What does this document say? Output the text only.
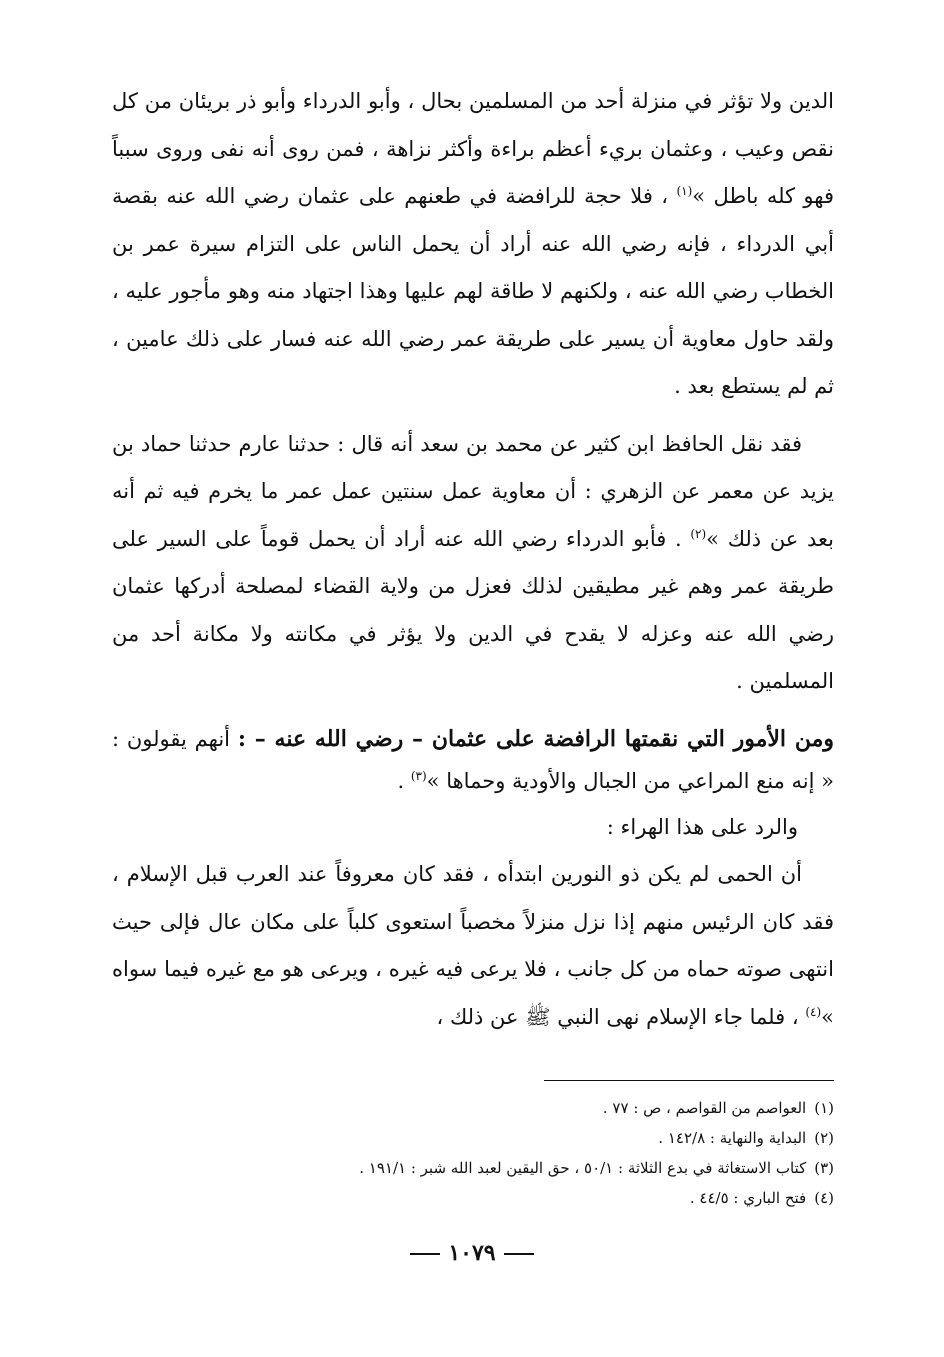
الدين ولا تؤثر في منزلة أحد من المسلمين بحال ، وأبو الدرداء وأبو ذر بريئان من كل نقص وعيب ، وعثمان بريء أعظم براءة وأكثر نزاهة ، فمن روى أنه نفى وروى سبباً فهو كله باطل »$^{(١)}$ ، فلا حجة للرافضة في طعنهم على عثمان رضي الله عنه بقصة أبي الدرداء ، فإنه رضي الله عنه أراد أن يحمل الناس على التزام سيرة عمر بن الخطاب رضي الله عنه ، ولكنهم لا طاقة لهم عليها وهذا اجتهاد منه وهو مأجور عليه ، ولقد حاول معاوية أن يسير على طريقة عمر رضي الله عنه فسار على ذلك عامين ، ثم لم يستطع بعد .

فقد نقل الحافظ ابن كثير عن محمد بن سعد أنه قال : حدثنا عارم حدثنا حماد بن يزيد عن معمر عن الزهري : أن معاوية عمل سنتين عمل عمر ما يخرم فيه ثم أنه بعد عن ذلك »$^{(٢)}$ . فأبو الدرداء رضي الله عنه أراد أن يحمل قوماً على السير على طريقة عمر وهم غير مطيقين لذلك فعزل من ولاية القضاء لمصلحة أدركها عثمان رضي الله عنه وعزله لا يقدح في الدين ولا يؤثر في مكانته ولا مكانة أحد من المسلمين .

ومن الأمور التي نقمتها الرافضة على عثمان – رضي الله عنه – : أنهم يقولون : « إنه منع المراعي من الجبال والأودية وحماها »$^{(٣)}$ .

والرد على هذا الهراء :

أن الحمى لم يكن ذو النورين ابتدأه ، فقد كان معروفاً عند العرب قبل الإسلام ، فقد كان الرئيس منهم إذا نزل منزلاً مخصباً استعوى كلباً على مكان عال فإلى حيث انتهى صوته حماه من كل جانب ، فلا يرعى فيه غيره ، ويرعى هو مع غيره فيما سواه »$^{(٤)}$ ، فلما جاء الإسلام نهى النبي ﷺ عن ذلك ،

(١)العواصم من القواصم ، ص : ٧٧ .
(٢)البداية والنهاية : ١٤٢/٨ .
(٣)كتاب الاستغاثة في بدع الثلاثة : ٥٠/١ ، حق اليقين لعبد الله شبر : ١٩١/١ .
(٤)فتح الباري : ٤٤/٥ .
١٠٧٩
